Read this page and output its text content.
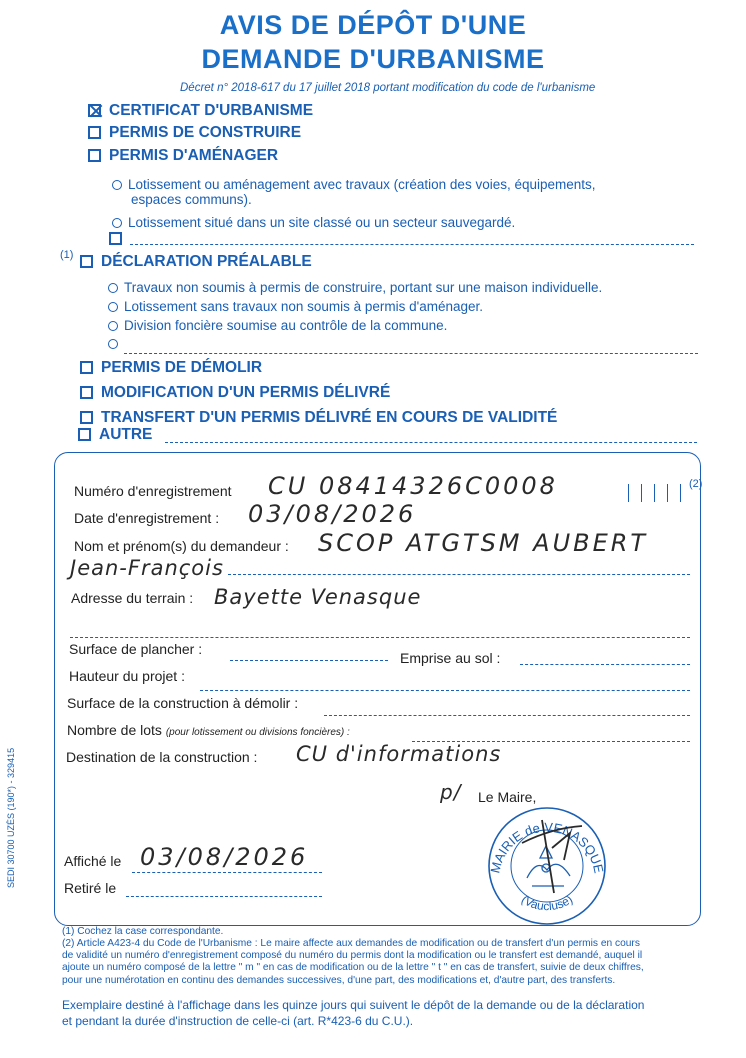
AVIS DE DÉPÔT D'UNE
DEMANDE D'URBANISME
Décret n° 2018-617 du 17 juillet 2018 portant modification du code de l'urbanisme
CERTIFICAT D'URBANISME
PERMIS DE CONSTRUIRE
PERMIS D'AMÉNAGER
Lotissement ou aménagement avec travaux (création des voies, équipements,
espaces communs).
Lotissement situé dans un site classé ou un secteur sauvegardé.
(1)	DÉCLARATION PRÉALABLE
Travaux non soumis à permis de construire, portant sur une maison individuelle.
Lotissement sans travaux non soumis à permis d'aménager.
Division foncière soumise au contrôle de la commune.
PERMIS DE DÉMOLIR
MODIFICATION D'UN PERMIS DÉLIVRÉ
TRANSFERT D'UN PERMIS DÉLIVRÉ EN COURS DE VALIDITÉ
AUTRE
Numéro d'enregistrement CU 08414326C0008	(2)
Date d'enregistrement : 03/08/2026
Nom et prénom(s) du demandeur : SCOP ATGTSM AUBERT
Jean-François
Adresse du terrain : Bayette Venasque
Surface de plancher :
Emprise au sol :
Hauteur du projet :
Surface de la construction à démolir :
Nombre de lots (pour lotissement ou divisions foncières) :
Destination de la construction : CU d'informations
p/ Le Maire,
Affiché le 03/08/2026
Retiré le
MAIRIE de VENASQUE
(Vaucluse)
(1) Cochez la case correspondante.
(2) Article A423-4 du Code de l'Urbanisme : Le maire affecte aux demandes de modification ou de transfert d'un permis en cours
de validité un numéro d'enregistrement composé du numéro du permis dont la modification ou le transfert est demandé, auquel il
ajoute un numéro composé de la lettre " m " en cas de modification ou de la lettre " t " en cas de transfert, suivie de deux chiffres,
pour une numérotation en continu des demandes successives, d'une part, des modifications et, d'autre part, des transferts.
Exemplaire destiné à l'affichage dans les quinze jours qui suivent le dépôt de la demande ou de la déclaration
et pendant la durée d'instruction de celle-ci (art. R*423-6 du C.U.).
SEDI 30700 UZÈS (190*) - 329415
